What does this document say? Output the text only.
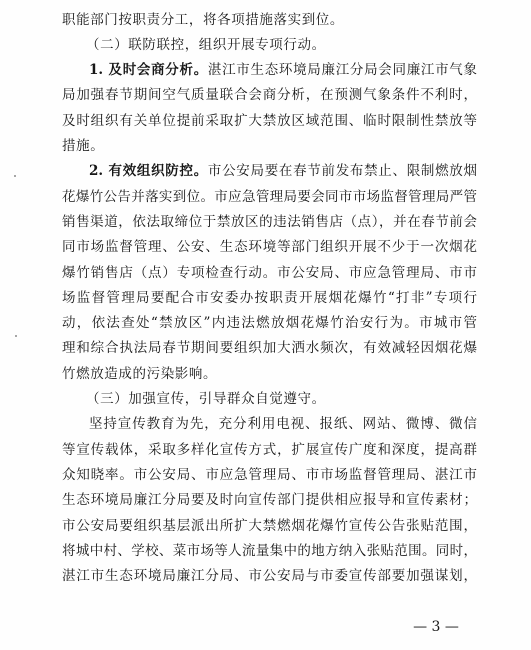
职能部门按职责分工，将各项措施落实到位。
（二）联防联控，组织开展专项行动。
1. 及时会商分析。湛江市生态环境局廉江分局会同廉江市气象
局加强春节期间空气质量联合会商分析，在预测气象条件不利时，
及时组织有关单位提前采取扩大禁放区域范围、临时限制性禁放等
措施。
2. 有效组织防控。市公安局要在春节前发布禁止、限制燃放烟
花爆竹公告并落实到位。市应急管理局要会同市市场监督管理局严管
销售渠道，依法取缔位于禁放区的违法销售店（点），并在春节前会
同市场监督管理、公安、生态环境等部门组织开展不少于一次烟花
爆竹销售店（点）专项检查行动。市公安局、市应急管理局、市市
场监督管理局要配合市安委办按职责开展烟花爆竹“打非”专项行
动，依法查处“禁放区”内违法燃放烟花爆竹治安行为。市城市管
理和综合执法局春节期间要组织加大洒水频次，有效减轻因烟花爆
竹燃放造成的污染影响。
（三）加强宣传，引导群众自觉遵守。
坚持宣传教育为先，充分利用电视、报纸、网站、微博、微信
等宣传载体，采取多样化宣传方式，扩展宣传广度和深度，提高群
众知晓率。市公安局、市应急管理局、市市场监督管理局、湛江市
生态环境局廉江分局要及时向宣传部门提供相应报导和宣传素材；
市公安局要组织基层派出所扩大禁燃烟花爆竹宣传公告张贴范围，
将城中村、学校、菜市场等人流量集中的地方纳入张贴范围。同时，
湛江市生态环境局廉江分局、市公安局与市委宣传部要加强谋划，
— 3 —
